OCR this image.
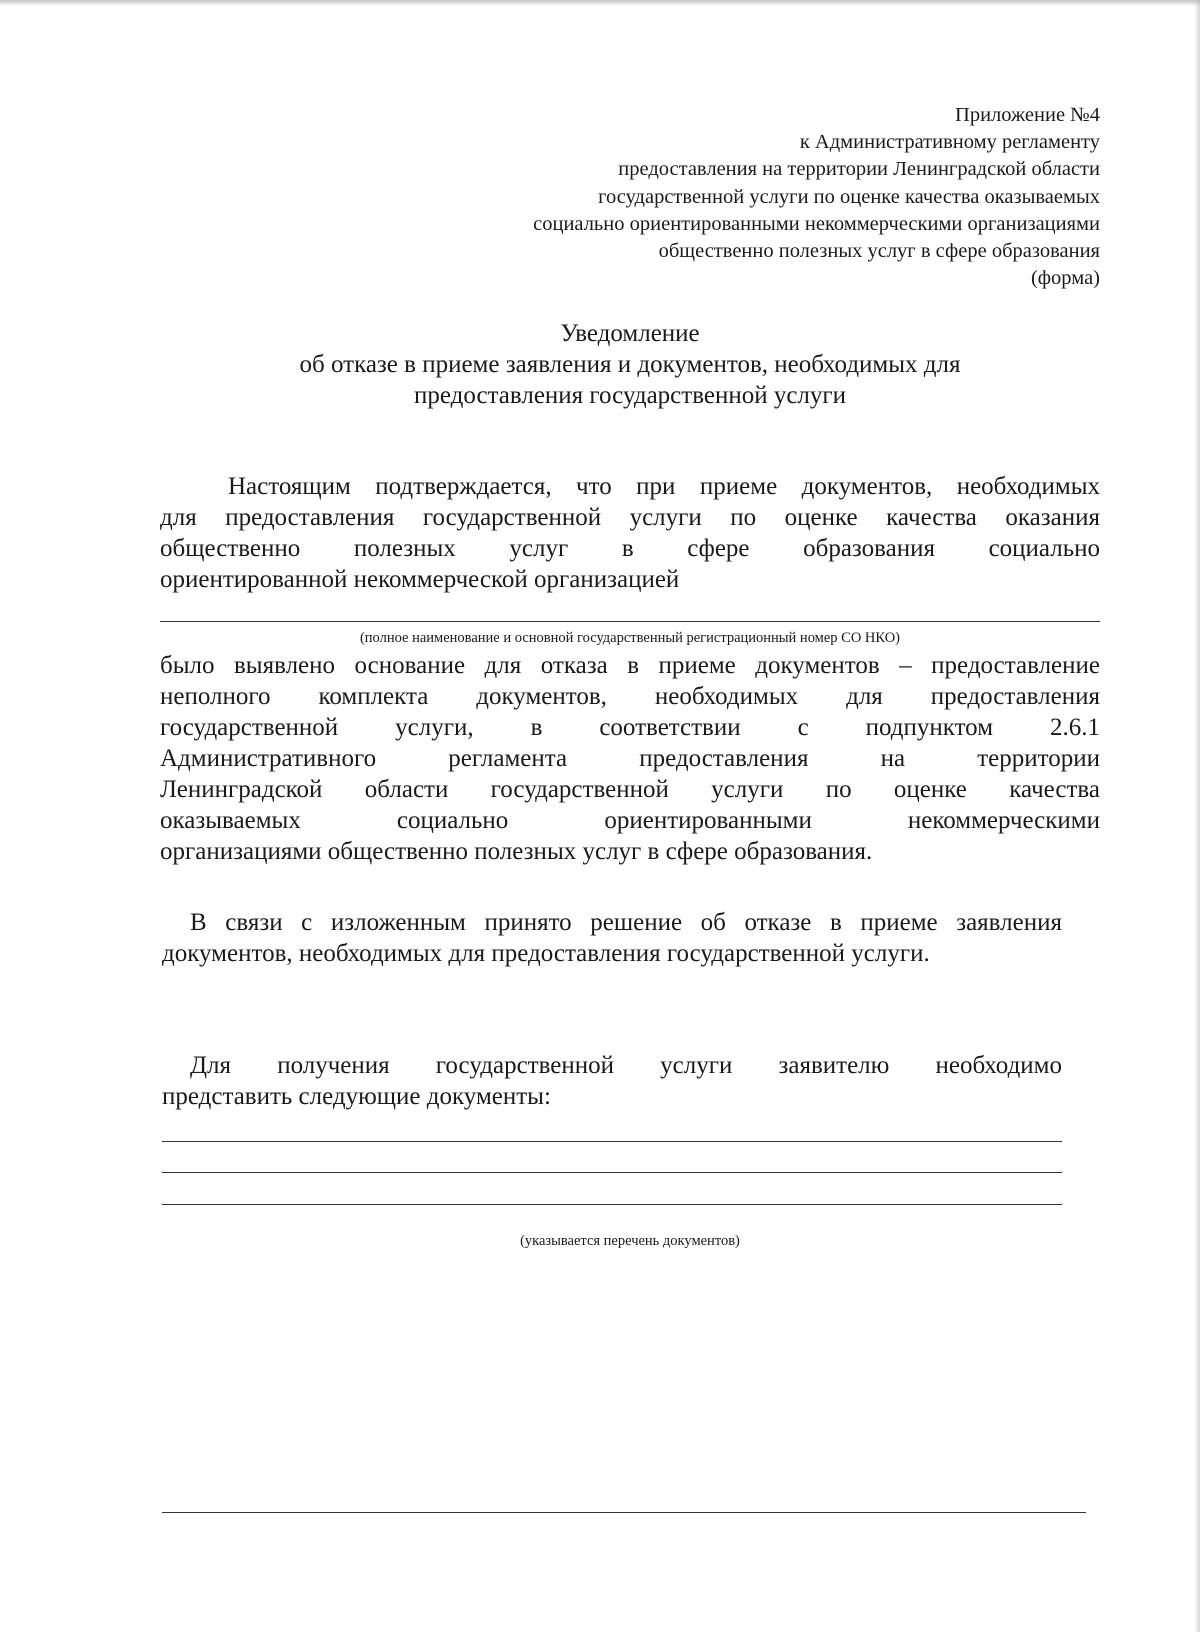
Приложение №4
к Административному регламенту
предоставления на территории Ленинградской области
государственной услуги по оценке качества оказываемых
социально ориентированными некоммерческими организациями
общественно полезных услуг в сфере образования
(форма)
Уведомление
об отказе в приеме заявления и документов, необходимых для
предоставления государственной услуги
Настоящим подтверждается, что при приеме документов, необходимых
для предоставления государственной услуги по оценке качества оказания
общественно полезных услуг в сфере образования социально
ориентированной некоммерческой организацией
(полное наименование и основной государственный регистрационный номер СО НКО)
было выявлено основание для отказа в приеме документов – предоставление
неполного комплекта документов, необходимых для предоставления
государственной услуги, в соответствии с подпунктом 2.6.1
Административного регламента предоставления на территории
Ленинградской области государственной услуги по оценке качества
оказываемых социально ориентированными некоммерческими
организациями общественно полезных услуг в сфере образования.
В связи с изложенным принято решение об отказе в приеме заявления
документов, необходимых для предоставления государственной услуги.
Для получения государственной услуги заявителю необходимо
представить следующие документы:
(указывается перечень документов)
